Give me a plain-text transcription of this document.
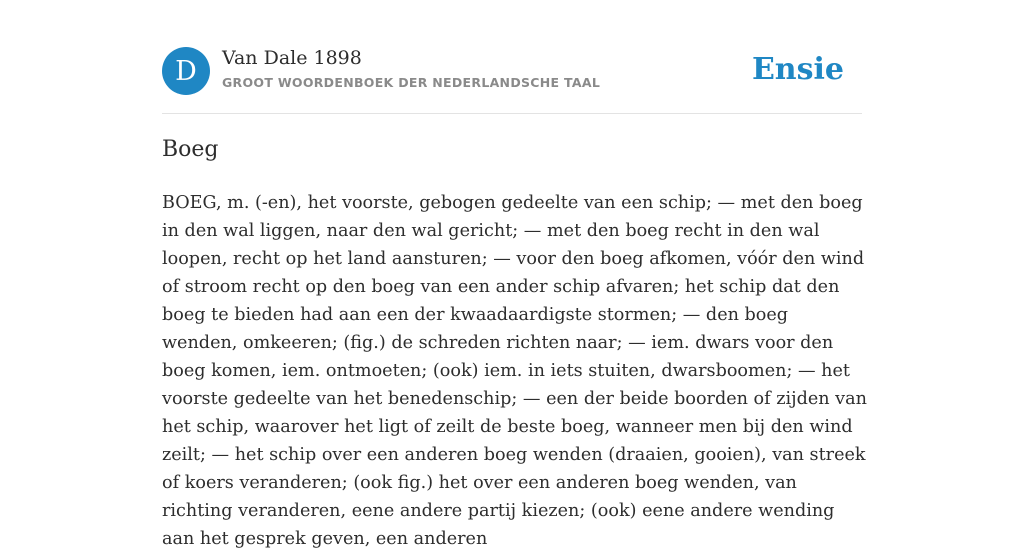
D	Van Dale 1898
GROOT WOORDENBOEK DER NEDERLANDSCHE TAAL	Ensie
Boeg

BOEG, m. (-en), het voorste, gebogen gedeelte van een schip; — met den boeg in den wal liggen, naar den wal gericht; — met den boeg recht in den wal loopen, recht op het land aansturen; — voor den boeg afkomen, vóór den wind of stroom recht op den boeg van een ander schip afvaren; het schip dat den boeg te bieden had aan een der kwaadaardigste stormen; — den boeg wenden, omkeeren; (fig.) de schreden richten naar; — iem. dwars voor den boeg komen, iem. ontmoeten; (ook) iem. in iets stuiten, dwarsboomen; — het voorste gedeelte van het benedenschip; — een der beide boorden of zijden van het schip, waarover het ligt of zeilt de beste boeg, wanneer men bij den wind zeilt; — het schip over een anderen boeg wenden (draaien, gooien), van streek of koers veranderen; (ook fig.) het over een anderen boeg wenden, van richting veranderen, eene andere partij kiezen; (ook) eene andere wending aan het gesprek geven, een anderen
